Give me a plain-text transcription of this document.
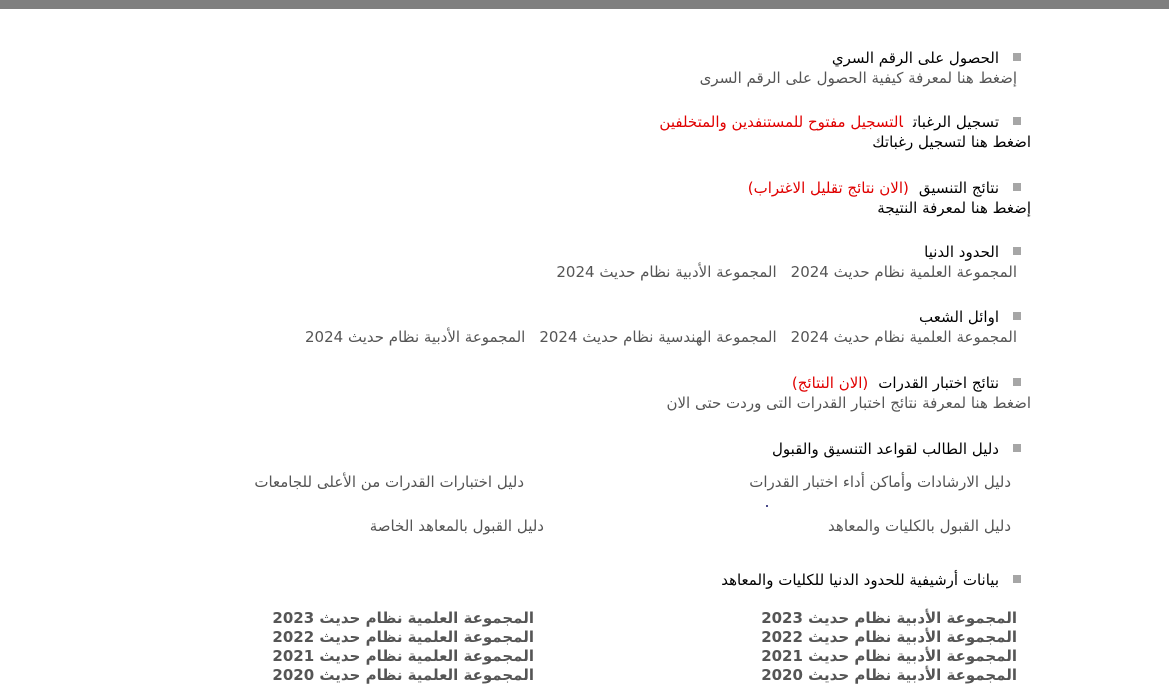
الحصول على الرقم السري
إضغط هنا لمعرفة كيفية الحصول على الرقم السرى
تسجيل الرغباتالتسجيل مفتوح للمستنفدين والمتخلفين
اضغط هنا لتسجيل رغباتك
نتائج التنسيق(الان نتائج تقليل الاغتراب)
إضغط هنا لمعرفة النتيجة
الحدود الدنيا
المجموعة العلمية نظام حديث 2024المجموعة الأدبية نظام حديث 2024
اوائل الشعب
المجموعة العلمية نظام حديث 2024المجموعة الهندسية نظام حديث 2024المجموعة الأدبية نظام حديث 2024
نتائج اختبار القدرات(الان النتائج)
اضغط هنا لمعرفة نتائج اختبار القدرات التى وردت حتى الان
دليل الطالب لقواعد التنسيق والقبول
دليل الارشادات وأماكن أداء اختبار القدرات
دليل اختبارات القدرات من الأعلى للجامعات
دليل القبول بالكليات والمعاهد
دليل القبول بالمعاهد الخاصة
بيانات أرشيفية للحدود الدنيا للكليات والمعاهد
المجموعة الأدبية نظام حديث 2023
المجموعة الأدبية نظام حديث 2022
المجموعة الأدبية نظام حديث 2021
المجموعة الأدبية نظام حديث 2020
المجموعة العلمية نظام حديث 2023
المجموعة العلمية نظام حديث 2022
المجموعة العلمية نظام حديث 2021
المجموعة العلمية نظام حديث 2020
